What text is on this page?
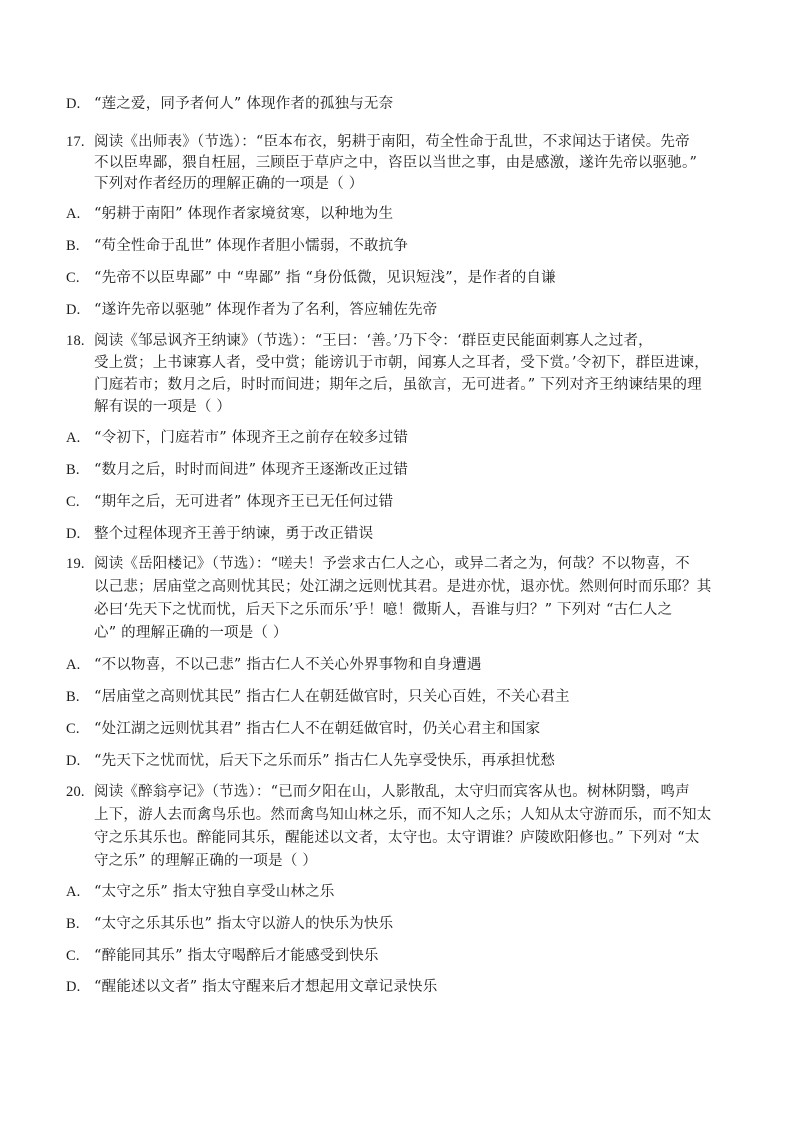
D. “莲之爱，同予者何人” 体现作者的孤独与无奈
17. 阅读《出师表》（节选）：“臣本布衣，躬耕于南阳，苟全性命于乱世，不求闻达于诸侯。先帝
不以臣卑鄙，猥自枉屈，三顾臣于草庐之中，咨臣以当世之事，由是感激，遂许先帝以驱驰。”
下列对作者经历的理解正确的一项是（ ）
A. “躬耕于南阳” 体现作者家境贫寒，以种地为生
B. “苟全性命于乱世” 体现作者胆小懦弱，不敢抗争
C. “先帝不以臣卑鄙” 中 “卑鄙” 指 “身份低微，见识短浅”，是作者的自谦
D. “遂许先帝以驱驰” 体现作者为了名利，答应辅佐先帝
18. 阅读《邹忌讽齐王纳谏》（节选）：“王曰：‘善。’乃下令：‘群臣吏民能面刺寡人之过者，
受上赏；上书谏寡人者，受中赏；能谤讥于市朝，闻寡人之耳者，受下赏。’令初下，群臣进谏，
门庭若市；数月之后，时时而间进；期年之后，虽欲言，无可进者。” 下列对齐王纳谏结果的理
解有误的一项是（ ）
A. “令初下，门庭若市” 体现齐王之前存在较多过错
B. “数月之后，时时而间进” 体现齐王逐渐改正过错
C. “期年之后，无可进者” 体现齐王已无任何过错
D. 整个过程体现齐王善于纳谏，勇于改正错误
19. 阅读《岳阳楼记》（节选）：“嗟夫！予尝求古仁人之心，或异二者之为，何哉？不以物喜，不
以己悲；居庙堂之高则忧其民；处江湖之远则忧其君。是进亦忧，退亦忧。然则何时而乐耶？其
必曰‘先天下之忧而忧，后天下之乐而乐’乎！噫！微斯人，吾谁与归？” 下列对 “古仁人之
心” 的理解正确的一项是（ ）
A. “不以物喜，不以己悲” 指古仁人不关心外界事物和自身遭遇
B. “居庙堂之高则忧其民” 指古仁人在朝廷做官时，只关心百姓，不关心君主
C. “处江湖之远则忧其君” 指古仁人不在朝廷做官时，仍关心君主和国家
D. “先天下之忧而忧，后天下之乐而乐” 指古仁人先享受快乐，再承担忧愁
20. 阅读《醉翁亭记》（节选）：“已而夕阳在山，人影散乱，太守归而宾客从也。树林阴翳，鸣声
上下，游人去而禽鸟乐也。然而禽鸟知山林之乐，而不知人之乐；人知从太守游而乐，而不知太
守之乐其乐也。醉能同其乐，醒能述以文者，太守也。太守谓谁？庐陵欧阳修也。” 下列对 “太
守之乐” 的理解正确的一项是（ ）
A. “太守之乐” 指太守独自享受山林之乐
B. “太守之乐其乐也” 指太守以游人的快乐为快乐
C. “醉能同其乐” 指太守喝醉后才能感受到快乐
D. “醒能述以文者” 指太守醒来后才想起用文章记录快乐
